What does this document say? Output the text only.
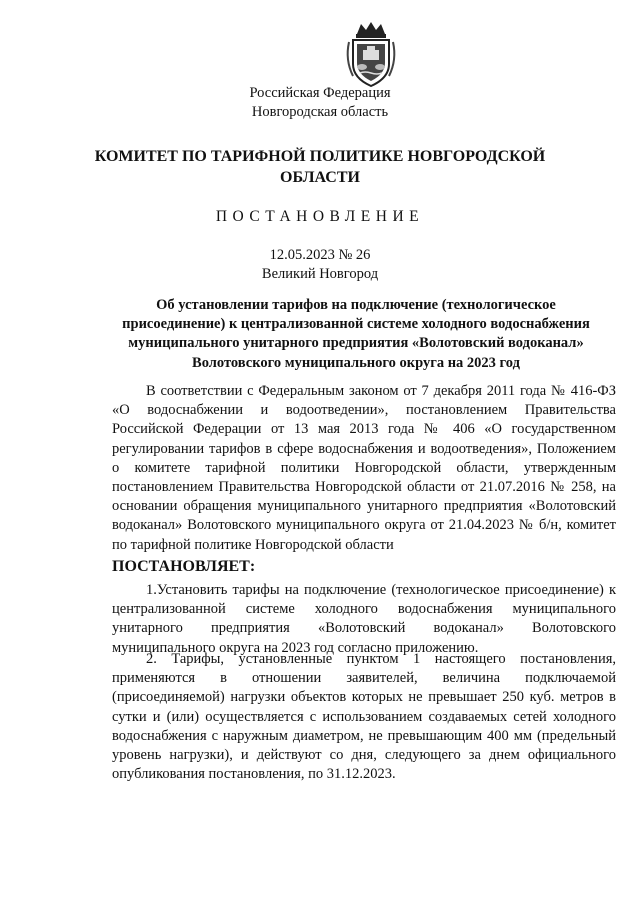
Российская Федерация
Новгородская область
КОМИТЕТ ПО ТАРИФНОЙ ПОЛИТИКЕ НОВГОРОДСКОЙ
ОБЛАСТИ
ПОСТАНОВЛЕНИЕ
12.05.2023 № 26
Великий Новгород
Об установлении тарифов на подключение (технологическое
присоединение) к централизованной системе холодного водоснабжения
муниципального унитарного предприятия «Волотовский водоканал»
Волотовского муниципального округа на 2023 год

В соответствии с Федеральным законом от 7 декабря 2011 года № 416-ФЗ «О водоснабжении и водоотведении», постановлением Правительства Российской Федерации от 13 мая 2013 года № 406 «О государственном регулировании тарифов в сфере водоснабжения и водоотведения», Положением о комитете тарифной политики Новгородской области, утвержденным постановлением Правительства Новгородской области от 21.07.2016 № 258, на основании обращения муниципального унитарного предприятия «Волотовский водоканал» Волотовского муниципального округа от 21.04.2023 № б/н, комитет по тарифной политике Новгородской области

ПОСТАНОВЛЯЕТ:

1.Установить тарифы на подключение (технологическое присоединение) к централизованной системе холодного водоснабжения муниципального унитарного предприятия «Волотовский водоканал» Волотовского муниципального округа на 2023 год согласно приложению.

2. Тарифы, установленные пунктом 1 настоящего постановления, применяются в отношении заявителей, величина подключаемой (присоединяемой) нагрузки объектов которых не превышает 250 куб. метров в сутки и (или) осуществляется с использованием создаваемых сетей холодного водоснабжения с наружным диаметром, не превышающим 400 мм (предельный уровень нагрузки), и действуют со дня, следующего за днем официального опубликования постановления, по 31.12.2023.
